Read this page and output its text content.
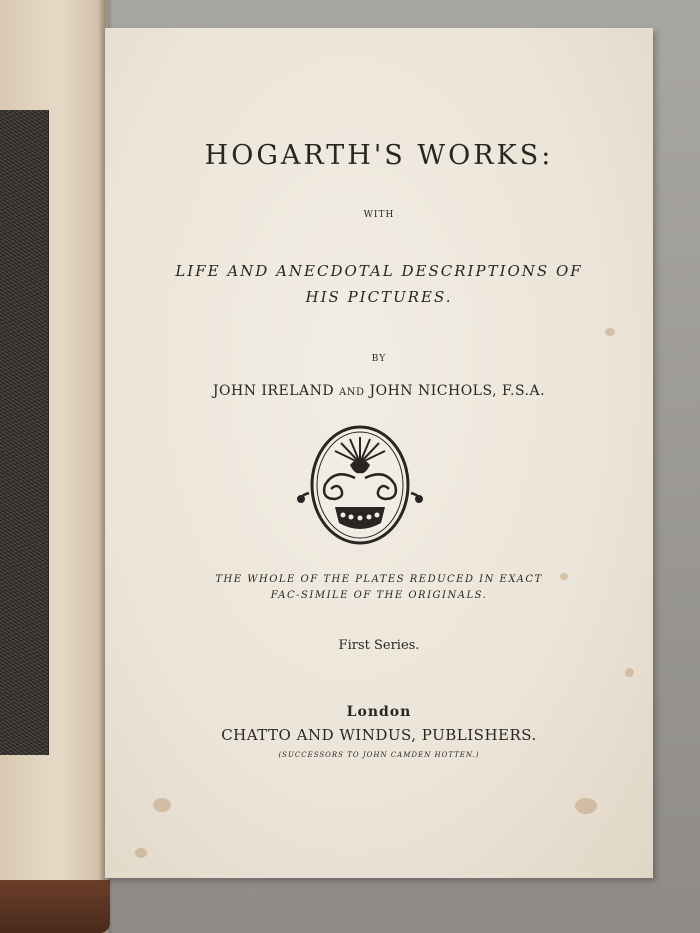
HOGARTH'S WORKS:
WITH
LIFE AND ANECDOTAL DESCRIPTIONS OF
HIS PICTURES.
BY
JOHN IRELAND AND JOHN NICHOLS, F.S.A.
THE WHOLE OF THE PLATES REDUCED IN EXACT
FAC-SIMILE OF THE ORIGINALS.
First Series.
London
CHATTO AND WINDUS, PUBLISHERS.
(SUCCESSORS TO JOHN CAMDEN HOTTEN.)
